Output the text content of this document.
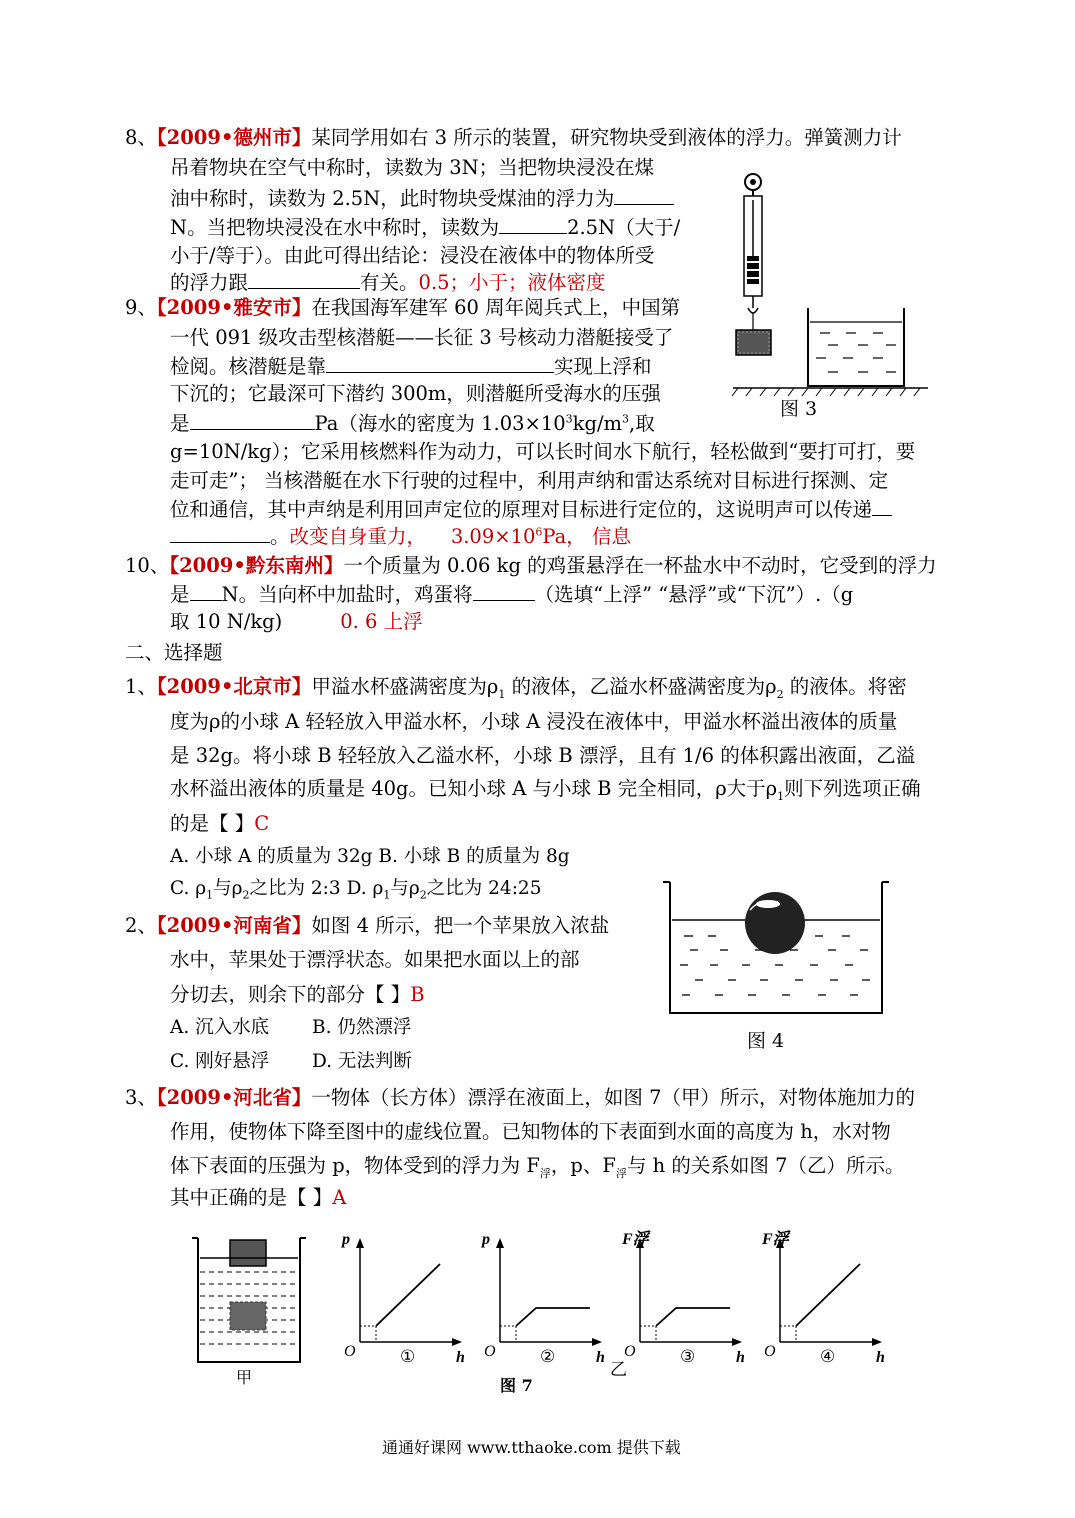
8、【2009•德州市】某同学用如右 3 所示的装置，研究物块受到液体的浮力。弹簧测力计
吊着物块在空气中称时，读数为 3N；当把物块浸没在煤
油中称时，读数为 2.5N，此时物块受煤油的浮力为
N。当把物块浸没在水中称时，读数为	2.5N（大于/
小于/等于）。由此可得出结论：浸没在液体中的物体所受
的浮力跟	有关。0.5；小于；液体密度
图 3
9、【2009•雅安市】在我国海军建军 60 周年阅兵式上，中国第
一代 091 级攻击型核潜艇——长征 3 号核动力潜艇接受了
检阅。核潜艇是靠	实现上浮和
下沉的；它最深可下潜约 300m，则潜艇所受海水的压强
是	Pa（海水的密度为 $1.03\times 10^3kg/m^3$,取
g=10N/kg）；它采用核燃料作为动力，可以长时间水下航行，轻松做到“要打可打，要
走可走”； 当核潜艇在水下行驶的过程中，利用声纳和雷达系统对目标进行探测、定
位和通信，其中声纳是利用回声定位的原理对目标进行定位的，这说明声可以传递
。改变自身重力， $3.09\times 10^6Pa$， 信息
10、【2009•黔东南州】一个质量为 0.06 kg 的鸡蛋悬浮在一杯盐水中不动时，它受到的浮力
是 N。当向杯中加盐时，鸡蛋将	（选填“上浮” “悬浮”或“下沉”）.（g
取 10 N/kg)	0. 6 上浮
二、选择题
1、【2009•北京市】甲溢水杯盛满密度为$\rho_1$ 的液体，乙溢水杯盛满密度为$\rho_2$ 的液体。将密
度为ρ的小球 A 轻轻放入甲溢水杯，小球 A 浸没在液体中，甲溢水杯溢出液体的质量
是 32g。将小球 B 轻轻放入乙溢水杯，小球 B 漂浮，且有 1/6 的体积露出液面，乙溢
水杯溢出液体的质量是 40g。已知小球 A 与小球 B 完全相同，ρ大于$\rho_1$则下列选项正确
的是【 】C
A. 小球 A 的质量为 32g B. 小球 B 的质量为 8g
C. $\rho_1$与$\rho_2$之比为 2:3 D. $\rho_1$与$\rho_2$之比为 24:25
图 4
2、【2009•河南省】如图 4 所示，把一个苹果放入浓盐
水中，苹果处于漂浮状态。如果把水面以上的部
分切去，则余下的部分【 】B
A. 沉入水底 B. 仍然漂浮
C. 刚好悬浮 D. 无法判断
3、【2009•河北省】一物体（长方体）漂浮在液面上，如图 7（甲）所示，对物体施加力的
作用，使物体下降至图中的虚线位置。已知物体的下表面到水面的高度为 h，水对物
体下表面的压强为 p，物体受到的浮力为 $F_浮$，p、$F_浮$与 h 的关系如图 7（乙）所示。
其中正确的是【 】A
甲
p
O	h
①
p
O	h
②
F浮
O	h
③
F浮
O	h
④
乙
图 7
通通好课网 www.tthaoke.com 提供下载
